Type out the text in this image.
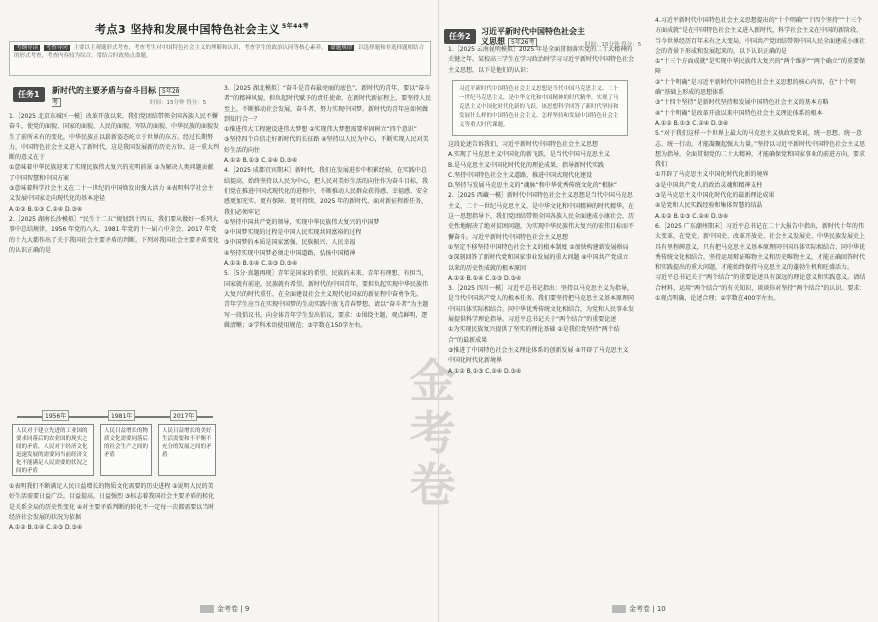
考点3 坚持和发展中国特色社会主义 $^{5年44考}$
考纲导读 考查导向 主要以主观题形式考查，考查考生对中国特色社会主义的理解和认识，考查学生的政治认同等核心素养。 命题规律 以选择题和非选择题相结合的形式考查，考查内容较为综合，常结合时政热点命题。
任务1	新时代的主要矛盾与奋斗目标 5年28考	时间：15分钟 得分：5
任务2
习近平新时代中国特色社会主义思想 5年26考	时间：15分钟 得分：5

1.［2025 北京东城区一模］改革开放以来，我们党团结带领全国各族人民不懈奋斗，使党的面貌、国家的面貌、人民的面貌、军队的面貌、中华民族的面貌发生了前所未有的变化，中华民族正以崭新姿态屹立于世界的东方。经过长期努力，中国特色社会主义进入了新时代，这是我国发展新的历史方位。这一重大判断的意义在于

①意味着中华民族迎来了实现民族伟大复兴的光明前景 ②为解决人类问题贡献了中国智慧和中国方案
③意味着科学社会主义在二十一世纪的中国焕发出强大活力 ④表明科学社会主义发展中国家走向现代化的基本途径
A.①② B.①③ C.②④ D.③④

2.［2025 湖南长沙模拟］“民生十二五”规划到十四五，我们要从做好一系列大事中总结规律，1956 年党的八大、1981 年党的十一届六中全会、2017 年党的十九大都作出了关于我国社会主要矛盾的判断。下列对我国社会主要矛盾变化的认识正确的是

1956年	1981年	2017年
人民对于建立先进的工业国的要求同落后的农业国的现实之间的矛盾，人民对于经济文化迅速发展的需要同当前经济文化不能满足人民需要的状况之间的矛盾
人民日益增长的物质文化需要同落后的社会生产之间的矛盾
人民日益增长的美好生活需要和不平衡不充分的发展之间的矛盾
①表明我们不断满足人民日益增长的物质文化需要的历史进程 ②说明人民的美好生活需要日益广泛，目益提高，日益强烈 ③标志着我国社会主要矛盾的转化是关系全局的历史性变化 ④对主要矛盾判断的转化不一定每一次都需要以当时经济社会发展的状况为依据
A.①② B.①④ C.②③ D.③④

3.［2025 湖北模拟］“奋斗是青春最亮丽的底色”。新时代的青年，要以“奋斗者”的精神风貌，担负起时代赋予的责任使命，在新时代新征程上，要坚持人民至上，不断推动社会发展，奋斗者，努力实现中国梦。新时代的青年应如何做到知行合一？

①推进伟大工程建设进伟大梦想 ②实现伟大梦想需要牢固树立“四个意识”
③坚持四个自信走好新时代的长征路 ④坚持以人民为中心，不断实现人民对美好生活的向往
A.①② B.①③ C.②④ D.③④

4.［2025 成都宜宾期末］新时代，我们在发展进步中积累经验，在实践中总结提高，始终坚持以人民为中心，把人民对美好生活的向往作为奋斗目标，我们党在推进中国式现代化的进程中，不断推动人民群众获得感、幸福感、安全感更加充实、更有保障、更可持续，2025 年的新时代，面对新征程新任务，我们必须牢记

①坚持中国共产党的领导，实现中华民族伟大复兴的中国梦
②中国梦实现的过程是中国人民实现共同富裕的过程
③中国梦的本质是国家富强、民族振兴、人民幸福
④坚持实现中国梦必须走中国道路，弘扬中国精神
A.①② B.①④ C.②③ D.③④

5.［5分·真题再现］青年是国家的希望、民族的未来。青年有理想、有担当，国家就有前途，民族就有希望。新时代的中国青年，要担负起实现中华民族伟大复兴的时代重任，在全面建设社会主义现代化国家的新征程中奋勇争先。

青年学生应当在实现中国梦的生动实践中放飞青春梦想。请以“奋斗者”为主题写一段倡议书，向全体青年学生发出倡议。要求：①围绕主题，观点鲜明，逻辑清晰；②学科术语使用规范；③字数在150字左右。

1.［2025 云南昆明模拟］2025 年是全面贯彻落实党的二十大精神的关键之年。某校高三学生在学习政治时学习习近平新时代中国特色社会主义思想，以下是他们的认识：

习近平新时代中国特色社会主义思想是当代中国马克思主义、二十一世纪马克思主义，是中华文化和中国精神的时代精华，实现了马克思主义中国化时代化新的飞跃。该思想科学回答了新时代坚持和发展什么样的中国特色社会主义、怎样坚持和发展中国特色社会主义等重大时代课题。

这段论述告诉我们，习近平新时代中国特色社会主义思想

A.实现了马克思主义中国化的新飞跃，是当代中国马克思主义
B.是马克思主义中国化时代化的理论成果，指导新时代实践
C.坚持中国特色社会主义道路，推进中国式现代化建设
D.坚持与发展马克思主义的“魂脉”和中华优秀传统文化的“根脉”

2.［2025 西藏一模］新时代中国特色社会主义思想是当代中国马克思主义、二十一世纪马克思主义，是中华文化和中国精神的时代精华。在这一思想指导下，我们党团结带领全国各族人民全面建成小康社会，历史性地解决了绝对贫困问题，为实现中华民族伟大复兴的宏伟目标而不懈奋斗。习近平新时代中国特色社会主义思想

①坚定不移坚持中国特色社会主义的根本制度 ②加快构建新发展格局 ③深刻回答了新时代党和国家事业发展的重大问题 ④中国共产党成立以来的历史性成就的根本原因
A.①② B.①④ C.②③ D.③④

3.［2025 四川一模］习近平总书记指出：坚持以马克思主义为指导，是当代中国共产党人的根本任务。我们要坚持把马克思主义基本原理同中国具体实际相结合，同中华优秀传统文化相结合，为党和人民事业发展提供科学理论指导。习近平总书记关于“两个结合”的重要论述

①为实现民族复兴提供了坚实的理论基础 ②是我们党坚持“两个结合”的最新成果
③推进了中国特色社会主义理论体系的创新发展 ④开辟了马克思主义中国化时代化新境界
A.①② B.①③ C.②④ D.③④

4.习近平新时代中国特色社会主义思想提出的“十个明确”“十四个坚持”“十三个方面成就”是在中国特色社会主义进入新时代，科学社会主义在中国的新阶段，当今世界经历百年未有之大变局，中国共产党团结带领中国人民全面建成小康社会的背景下形成和发展起来的，以下认识正确的是

①“十三个方面成就”是实现中华民族伟大复兴的“两个维护”“两个确立”的重要保障
②“十个明确”是习近平新时代中国特色社会主义思想的核心内容，在“十个明确”基础上形成的思想体系
③“十四个坚持”是新时代坚持和发展中国特色社会主义的基本方略
④“十个明确”是改革开放以来中国特色社会主义理论体系的根本
A.①② B.①③ C.②④ D.③④

5.“对于我们这样一个世界上最大的马克思主义执政党来说，统一思想、统一意志、统一行动，才能凝聚起强大力量。”坚持以习近平新时代中国特色社会主义思想为指导，全面贯彻党的二十大精神，才能确保党和国家事业的前进方向，要求我们

①开辟了马克思主义中国化时代化新的境界
②是中国共产党人的政治灵魂和精神支柱
③是马克思主义中国化时代化的最新理论成果
④是党和人民实践经验和集体智慧的结晶
A.①② B.①③ C.②④ D.③④

6.［2025 广东潮州期末］习近平总书记在二十大报告中指出，新时代十年的伟大变革，在党史、新中国史、改革开放史、社会主义发展史、中华民族发展史上具有里程碑意义。只有把马克思主义基本原理同中国具体实际相结合、同中华优秀传统文化相结合，坚持运用辩证唯物主义和历史唯物主义，才能正确回答时代和实践提出的重大问题，才能始终保持马克思主义的蓬勃生机和旺盛活力。

习近平总书记关于“两个结合”的重要论述具有深远的理论意义和实践意义。请结合材料，运用“两个结合”的有关知识，谈谈你对坚持“两个结合”的认识。要求：①观点明确，论述合理；②字数在400字左右。

金
考
卷
金考卷 | 9	金考卷 | 10
